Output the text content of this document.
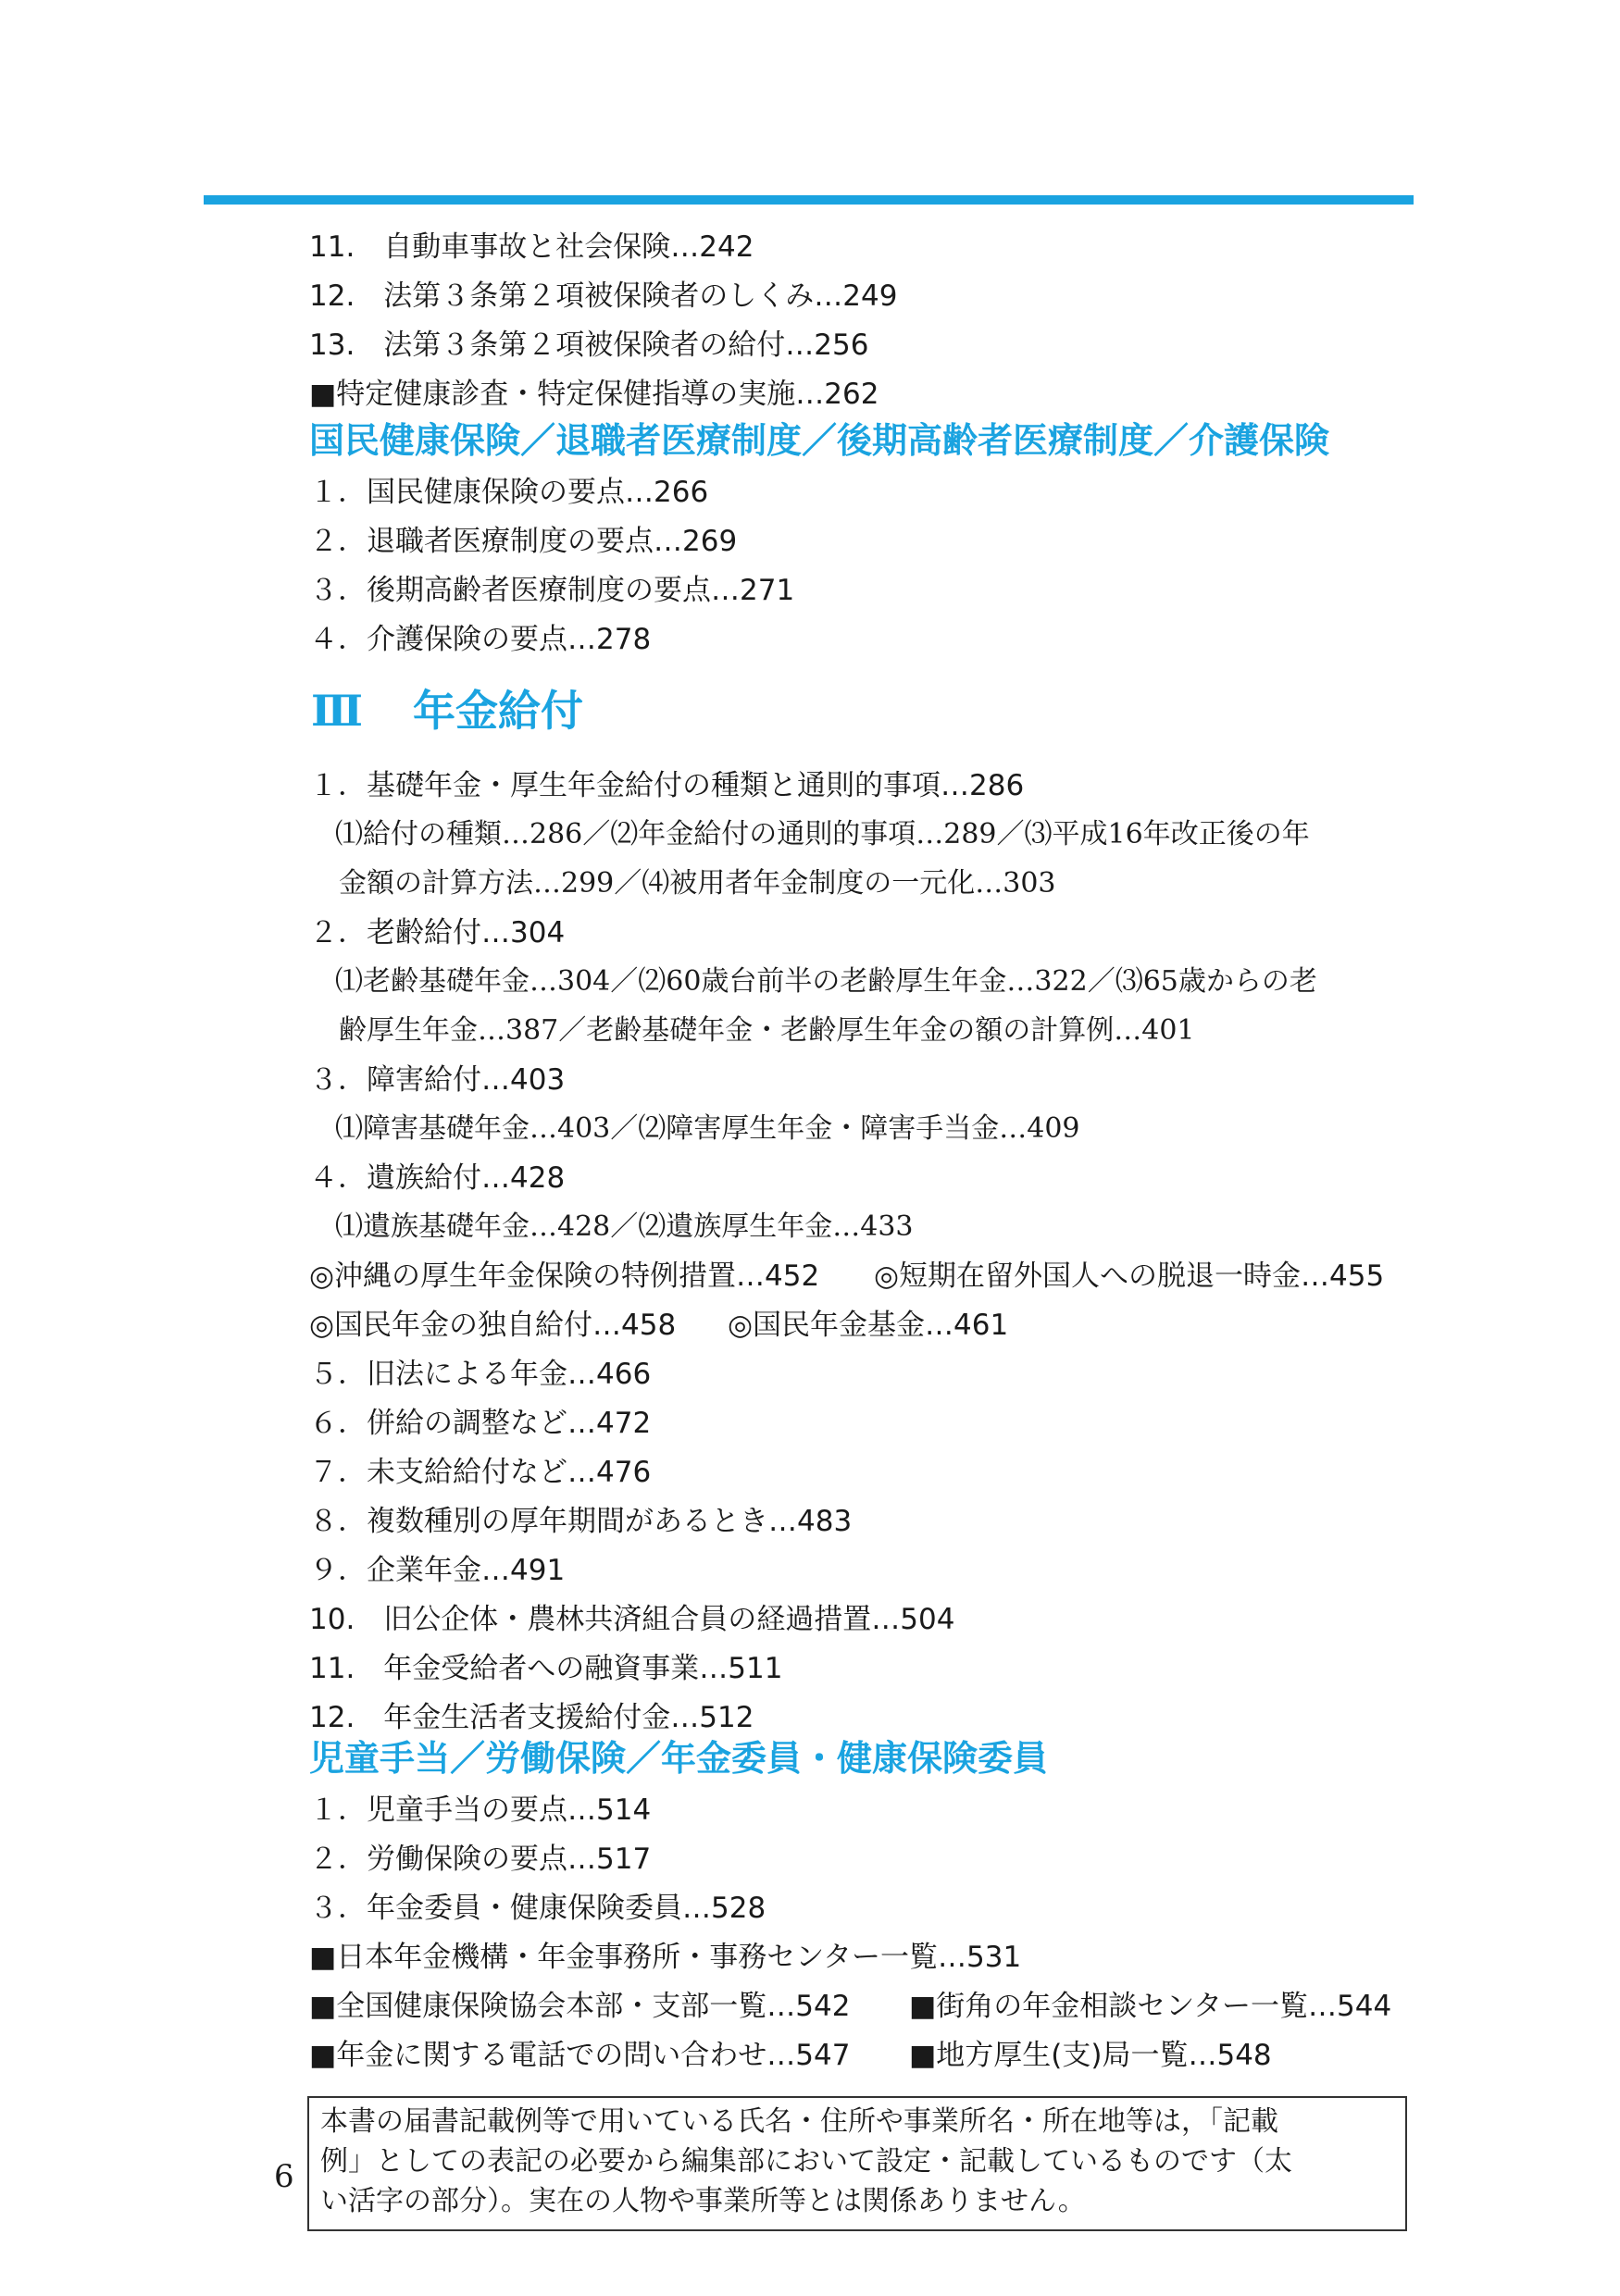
11.　自動車事故と社会保険…242
12.　法第３条第２項被保険者のしくみ…249
13.　法第３条第２項被保険者の給付…256
■特定健康診査・特定保健指導の実施…262
国民健康保険／退職者医療制度／後期高齢者医療制度／介護保険
１．国民健康保険の要点…266
２．退職者医療制度の要点…269
３．後期高齢者医療制度の要点…271
４．介護保険の要点…278
Ⅲ 年金給付
１．基礎年金・厚生年金給付の種類と通則的事項…286
⑴給付の種類…286／⑵年金給付の通則的事項…289／⑶平成16年改正後の年
金額の計算方法…299／⑷被用者年金制度の一元化…303
２．老齢給付…304
⑴老齢基礎年金…304／⑵60歳台前半の老齢厚生年金…322／⑶65歳からの老
齢厚生年金…387／老齢基礎年金・老齢厚生年金の額の計算例…401
３．障害給付…403
⑴障害基礎年金…403／⑵障害厚生年金・障害手当金…409
４．遺族給付…428
⑴遺族基礎年金…428／⑵遺族厚生年金…433
◎沖縄の厚生年金保険の特例措置…452 ◎短期在留外国人への脱退一時金…455
◎国民年金の独自給付…458 ◎国民年金基金…461
５．旧法による年金…466
６．併給の調整など…472
７．未支給給付など…476
８．複数種別の厚年期間があるとき…483
９．企業年金…491
10.　旧公企体・農林共済組合員の経過措置…504
11.　年金受給者への融資事業…511
12.　年金生活者支援給付金…512
児童手当／労働保険／年金委員・健康保険委員
１．児童手当の要点…514
２．労働保険の要点…517
３．年金委員・健康保険委員…528
■日本年金機構・年金事務所・事務センター一覧…531
■全国健康保険協会本部・支部一覧…542 ■街角の年金相談センター一覧…544
■年金に関する電話での問い合わせ…547 ■地方厚生(支)局一覧…548
本書の届書記載例等で用いている氏名・住所や事業所名・所在地等は，「記載
例」としての表記の必要から編集部において設定・記載しているものです（太
い活字の部分）。実在の人物や事業所等とは関係ありません。
6
